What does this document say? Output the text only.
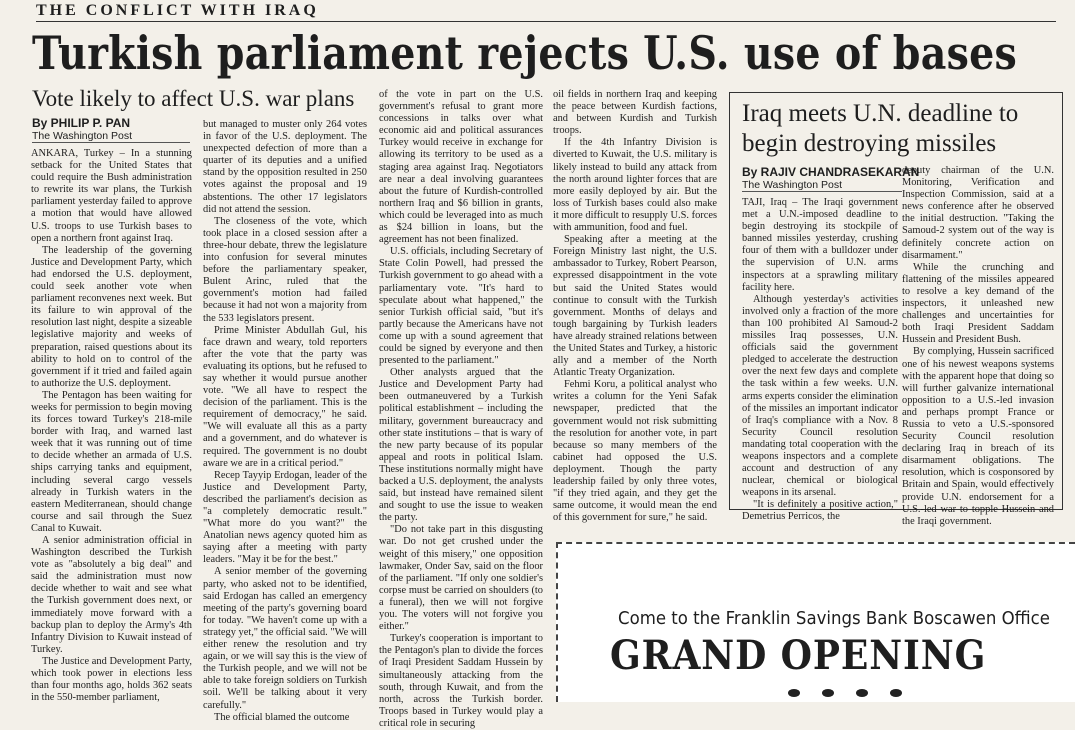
THE CONFLICT WITH IRAQ
Turkish parliament rejects U.S. use of bases
Vote likely to affect U.S. war plans
By PHILIP P. PAN
The Washington Post

ANKARA, Turkey – In a stunning setback for the United States that could require the Bush administration to rewrite its war plans, the Turkish parliament yesterday failed to approve a motion that would have allowed U.S. troops to use Turkish bases to open a northern front against Iraq.

The leadership of the governing Justice and Development Party, which had endorsed the U.S. deployment, could seek another vote when parliament reconvenes next week. But its failure to win approval of the resolution last night, despite a sizeable legislative majority and weeks of preparation, raised questions about its ability to hold on to control of the government if it tried and failed again to authorize the U.S. deployment.

The Pentagon has been waiting for weeks for permission to begin moving its forces toward Turkey's 218-mile border with Iraq, and warned last week that it was running out of time to decide whether an armada of U.S. ships carrying tanks and equipment, including several cargo vessels already in Turkish waters in the eastern Mediterranean, should change course and sail through the Suez Canal to Kuwait.

A senior administration official in Washington described the Turkish vote as "absolutely a big deal" and said the administration must now decide whether to wait and see what the Turkish government does next, or immediately move forward with a backup plan to deploy the Army's 4th Infantry Division to Kuwait instead of Turkey.

The Justice and Development Party, which took power in elections less than four months ago, holds 362 seats in the 550-member parliament,

but managed to muster only 264 votes in favor of the U.S. deployment. The unexpected defection of more than a quarter of its deputies and a unified stand by the opposition resulted in 250 votes against the proposal and 19 abstentions. The other 17 legislators did not attend the session.

The closeness of the vote, which took place in a closed session after a three-hour debate, threw the legislature into confusion for several minutes before the parliamentary speaker, Bulent Arinc, ruled that the government's motion had failed because it had not won a majority from the 533 legislators present.

Prime Minister Abdullah Gul, his face drawn and weary, told reporters after the vote that the party was evaluating its options, but he refused to say whether it would pursue another vote. "We all have to respect the decision of the parliament. This is the requirement of democracy," he said. "We will evaluate all this as a party and a government, and do whatever is required. The government is no doubt aware we are in a critical period."

Recep Tayyip Erdogan, leader of the Justice and Development Party, described the parliament's decision as "a completely democratic result." "What more do you want?" the Anatolian news agency quoted him as saying after a meeting with party leaders. "May it be for the best."

A senior member of the governing party, who asked not to be identified, said Erdogan has called an emergency meeting of the party's governing board for today. "We haven't come up with a strategy yet," the official said. "We will either renew the resolution and try again, or we will say this is the view of the Turkish people, and we will not be able to take foreign soldiers on Turkish soil. We'll be talking about it very carefully."

The official blamed the outcome

of the vote in part on the U.S. government's refusal to grant more concessions in talks over what economic aid and political assurances Turkey would receive in exchange for allowing its territory to be used as a staging area against Iraq. Negotiators are near a deal involving guarantees about the future of Kurdish-controlled northern Iraq and $6 billion in grants, which could be leveraged into as much as $24 billion in loans, but the agreement has not been finalized.

U.S. officials, including Secretary of State Colin Powell, had pressed the Turkish government to go ahead with a parliamentary vote. "It's hard to speculate about what happened," the senior Turkish official said, "but it's partly because the Americans have not come up with a sound agreement that could be signed by everyone and then presented to the parliament."

Other analysts argued that the Justice and Development Party had been outmaneuvered by a Turkish political establishment – including the military, government bureaucracy and other state institutions – that is wary of the new party because of its popular appeal and roots in political Islam. These institutions normally might have backed a U.S. deployment, the analysts said, but instead have remained silent and sought to use the issue to weaken the party.

"Do not take part in this disgusting war. Do not get crushed under the weight of this misery," one opposition lawmaker, Onder Sav, said on the floor of the parliament. "If only one soldier's corpse must be carried on shoulders (to a funeral), then we will not forgive you. The voters will not forgive you either."

Turkey's cooperation is important to the Pentagon's plan to divide the forces of Iraqi President Saddam Hussein by simultaneously attacking from the south, through Kuwait, and from the north, across the Turkish border. Troops based in Turkey would play a critical role in securing

oil fields in northern Iraq and keeping the peace between Kurdish factions, and between Kurdish and Turkish troops.

If the 4th Infantry Division is diverted to Kuwait, the U.S. military is likely instead to build any attack from the north around lighter forces that are more easily deployed by air. But the loss of Turkish bases could also make it more difficult to resupply U.S. forces with ammunition, food and fuel.

Speaking after a meeting at the Foreign Ministry last night, the U.S. ambassador to Turkey, Robert Pearson, expressed disappointment in the vote but said the United States would continue to consult with the Turkish government. Months of delays and tough bargaining by Turkish leaders have already strained relations between the United States and Turkey, a historic ally and a member of the North Atlantic Treaty Organization.

Fehmi Koru, a political analyst who writes a column for the Yeni Safak newspaper, predicted that the government would not risk submitting the resolution for another vote, in part because so many members of the cabinet had opposed the U.S. deployment. Though the party leadership failed by only three votes, "if they tried again, and they get the same outcome, it would mean the end of this government for sure," he said.

Iraq meets U.N. deadline to begin destroying missiles
By RAJIV CHANDRASEKARAN
The Washington Post

TAJI, Iraq – The Iraqi government met a U.N.-imposed deadline to begin destroying its stockpile of banned missiles yesterday, crushing four of them with a bulldozer under the supervision of U.N. arms inspectors at a sprawling military facility here.

Although yesterday's activities involved only a fraction of the more than 100 prohibited Al Samoud-2 missiles Iraq possesses, U.N. officials said the government pledged to accelerate the destruction over the next few days and complete the task within a few weeks. U.N. arms experts consider the elimination of the missiles an important indicator of Iraq's compliance with a Nov. 8 Security Council resolution mandating total cooperation with the weapons inspectors and a complete account and destruction of any nuclear, chemical or biological weapons in its arsenal.

"It is definitely a positive action," Demetrius Perricos, the

deputy chairman of the U.N. Monitoring, Verification and Inspection Commission, said at a news conference after he observed the initial destruction. "Taking the Samoud-2 system out of the way is definitely concrete action on disarmament."

While the crunching and flattening of the missiles appeared to resolve a key demand of the inspectors, it unleashed new challenges and uncertainties for both Iraqi President Saddam Hussein and President Bush.

By complying, Hussein sacrificed one of his newest weapons systems with the apparent hope that doing so will further galvanize international opposition to a U.S.-led invasion and perhaps prompt France or Russia to veto a U.S.-sponsored Security Council resolution declaring Iraq in breach of its disarmament obligations. The resolution, which is cosponsored by Britain and Spain, would effectively provide U.N. endorsement for a U.S.-led war to topple Hussein and the Iraqi government.

Come to the Franklin Savings Bank Boscawen Office
GRAND OPENING
